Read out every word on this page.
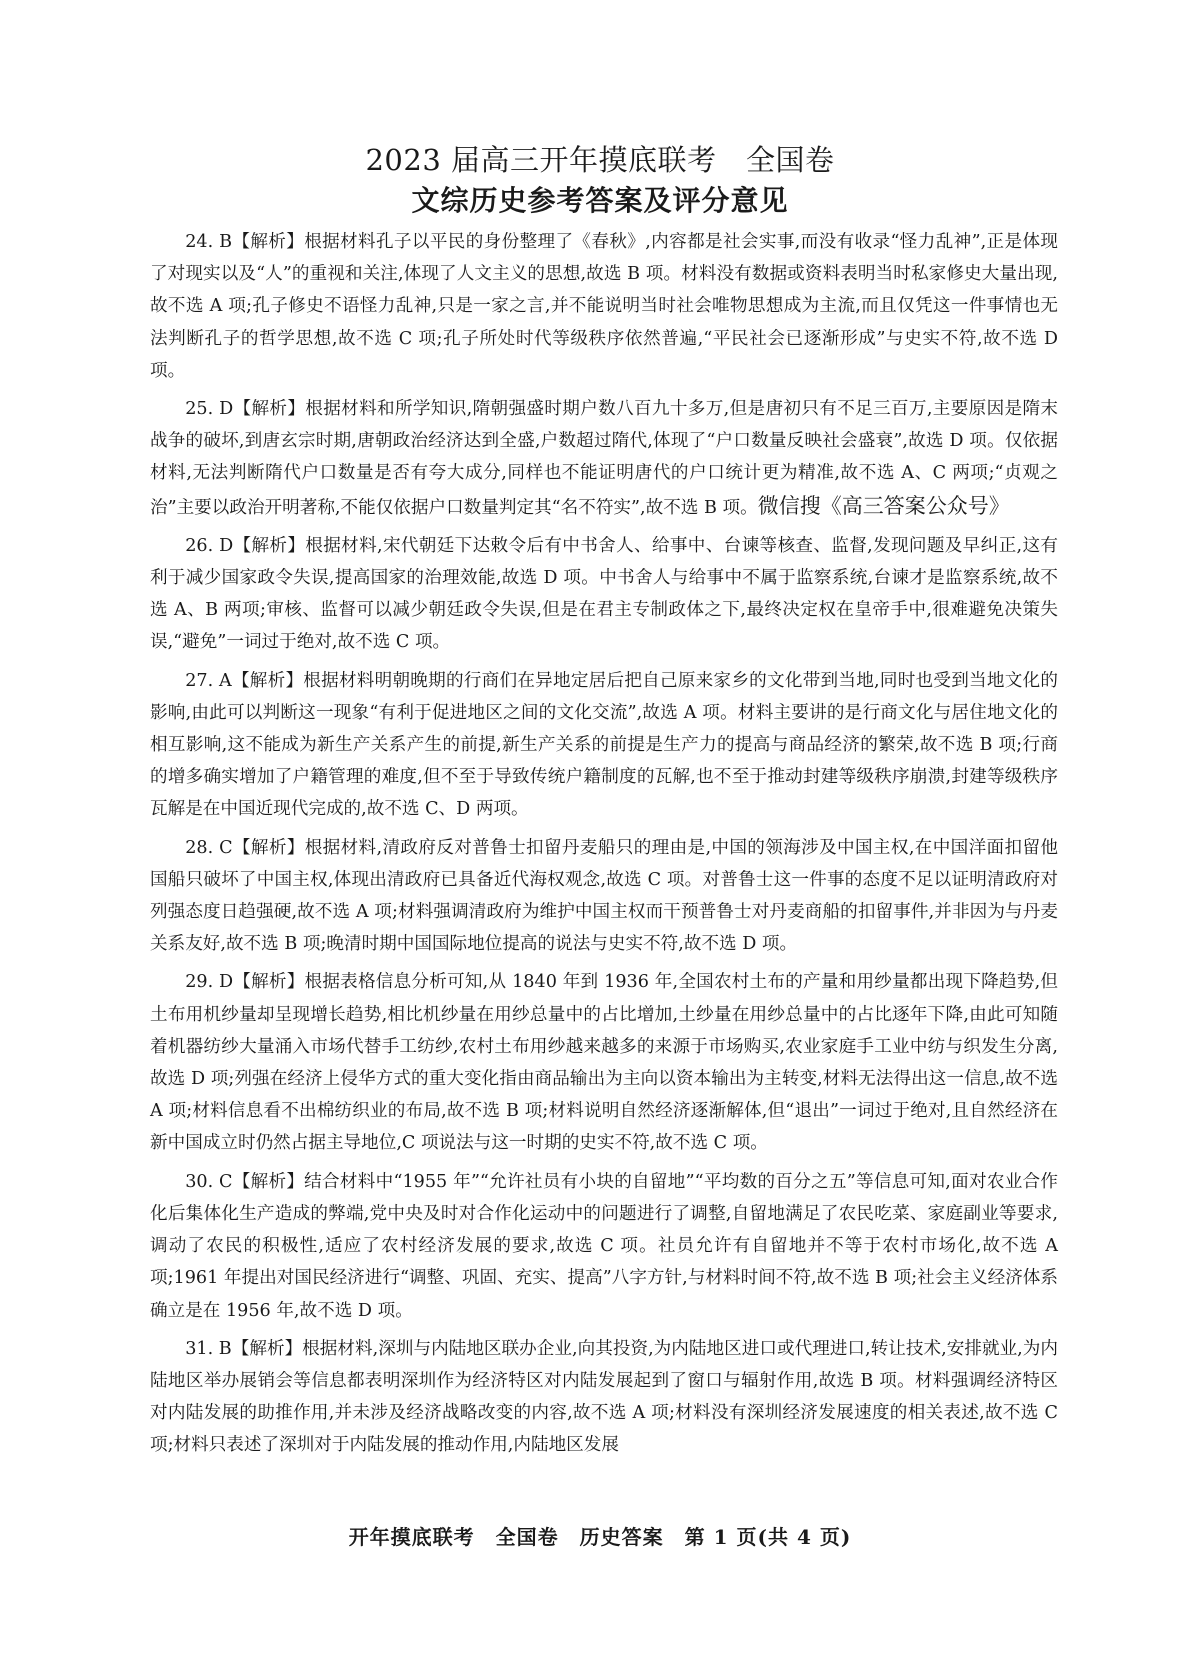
2023 届高三开年摸底联考　全国卷
文综历史参考答案及评分意见

24. B【解析】根据材料孔子以平民的身份整理了《春秋》,内容都是社会实事,而没有收录“怪力乱神”,正是体现了对现实以及“人”的重视和关注,体现了人文主义的思想,故选 B 项。材料没有数据或资料表明当时私家修史大量出现,故不选 A 项;孔子修史不语怪力乱神,只是一家之言,并不能说明当时社会唯物思想成为主流,而且仅凭这一件事情也无法判断孔子的哲学思想,故不选 C 项;孔子所处时代等级秩序依然普遍,“平民社会已逐渐形成”与史实不符,故不选 D 项。

25. D【解析】根据材料和所学知识,隋朝强盛时期户数八百九十多万,但是唐初只有不足三百万,主要原因是隋末战争的破坏,到唐玄宗时期,唐朝政治经济达到全盛,户数超过隋代,体现了“户口数量反映社会盛衰”,故选 D 项。仅依据材料,无法判断隋代户口数量是否有夸大成分,同样也不能证明唐代的户口统计更为精准,故不选 A、C 两项;“贞观之治”主要以政治开明著称,不能仅依据户口数量判定其“名不符实”,故不选 B 项。微信搜《高三答案公众号》

26. D【解析】根据材料,宋代朝廷下达敕令后有中书舍人、给事中、台谏等核查、监督,发现问题及早纠正,这有利于减少国家政令失误,提高国家的治理效能,故选 D 项。中书舍人与给事中不属于监察系统,台谏才是监察系统,故不选 A、B 两项;审核、监督可以减少朝廷政令失误,但是在君主专制政体之下,最终决定权在皇帝手中,很难避免决策失误,“避免”一词过于绝对,故不选 C 项。

27. A【解析】根据材料明朝晚期的行商们在异地定居后把自己原来家乡的文化带到当地,同时也受到当地文化的影响,由此可以判断这一现象“有利于促进地区之间的文化交流”,故选 A 项。材料主要讲的是行商文化与居住地文化的相互影响,这不能成为新生产关系产生的前提,新生产关系的前提是生产力的提高与商品经济的繁荣,故不选 B 项;行商的增多确实增加了户籍管理的难度,但不至于导致传统户籍制度的瓦解,也不至于推动封建等级秩序崩溃,封建等级秩序瓦解是在中国近现代完成的,故不选 C、D 两项。

28. C【解析】根据材料,清政府反对普鲁士扣留丹麦船只的理由是,中国的领海涉及中国主权,在中国洋面扣留他国船只破坏了中国主权,体现出清政府已具备近代海权观念,故选 C 项。对普鲁士这一件事的态度不足以证明清政府对列强态度日趋强硬,故不选 A 项;材料强调清政府为维护中国主权而干预普鲁士对丹麦商船的扣留事件,并非因为与丹麦关系友好,故不选 B 项;晚清时期中国国际地位提高的说法与史实不符,故不选 D 项。

29. D【解析】根据表格信息分析可知,从 1840 年到 1936 年,全国农村土布的产量和用纱量都出现下降趋势,但土布用机纱量却呈现增长趋势,相比机纱量在用纱总量中的占比增加,土纱量在用纱总量中的占比逐年下降,由此可知随着机器纺纱大量涌入市场代替手工纺纱,农村土布用纱越来越多的来源于市场购买,农业家庭手工业中纺与织发生分离,故选 D 项;列强在经济上侵华方式的重大变化指由商品输出为主向以资本输出为主转变,材料无法得出这一信息,故不选 A 项;材料信息看不出棉纺织业的布局,故不选 B 项;材料说明自然经济逐渐解体,但“退出”一词过于绝对,且自然经济在新中国成立时仍然占据主导地位,C 项说法与这一时期的史实不符,故不选 C 项。

30. C【解析】结合材料中“1955 年”“允许社员有小块的自留地”“平均数的百分之五”等信息可知,面对农业合作化后集体化生产造成的弊端,党中央及时对合作化运动中的问题进行了调整,自留地满足了农民吃菜、家庭副业等要求,调动了农民的积极性,适应了农村经济发展的要求,故选 C 项。社员允许有自留地并不等于农村市场化,故不选 A 项;1961 年提出对国民经济进行“调整、巩固、充实、提高”八字方针,与材料时间不符,故不选 B 项;社会主义经济体系确立是在 1956 年,故不选 D 项。

31. B【解析】根据材料,深圳与内陆地区联办企业,向其投资,为内陆地区进口或代理进口,转让技术,安排就业,为内陆地区举办展销会等信息都表明深圳作为经济特区对内陆发展起到了窗口与辐射作用,故选 B 项。材料强调经济特区对内陆发展的助推作用,并未涉及经济战略改变的内容,故不选 A 项;材料没有深圳经济发展速度的相关表述,故不选 C 项;材料只表述了深圳对于内陆发展的推动作用,内陆地区发展

开年摸底联考　全国卷　历史答案　第 1 页(共 4 页)
